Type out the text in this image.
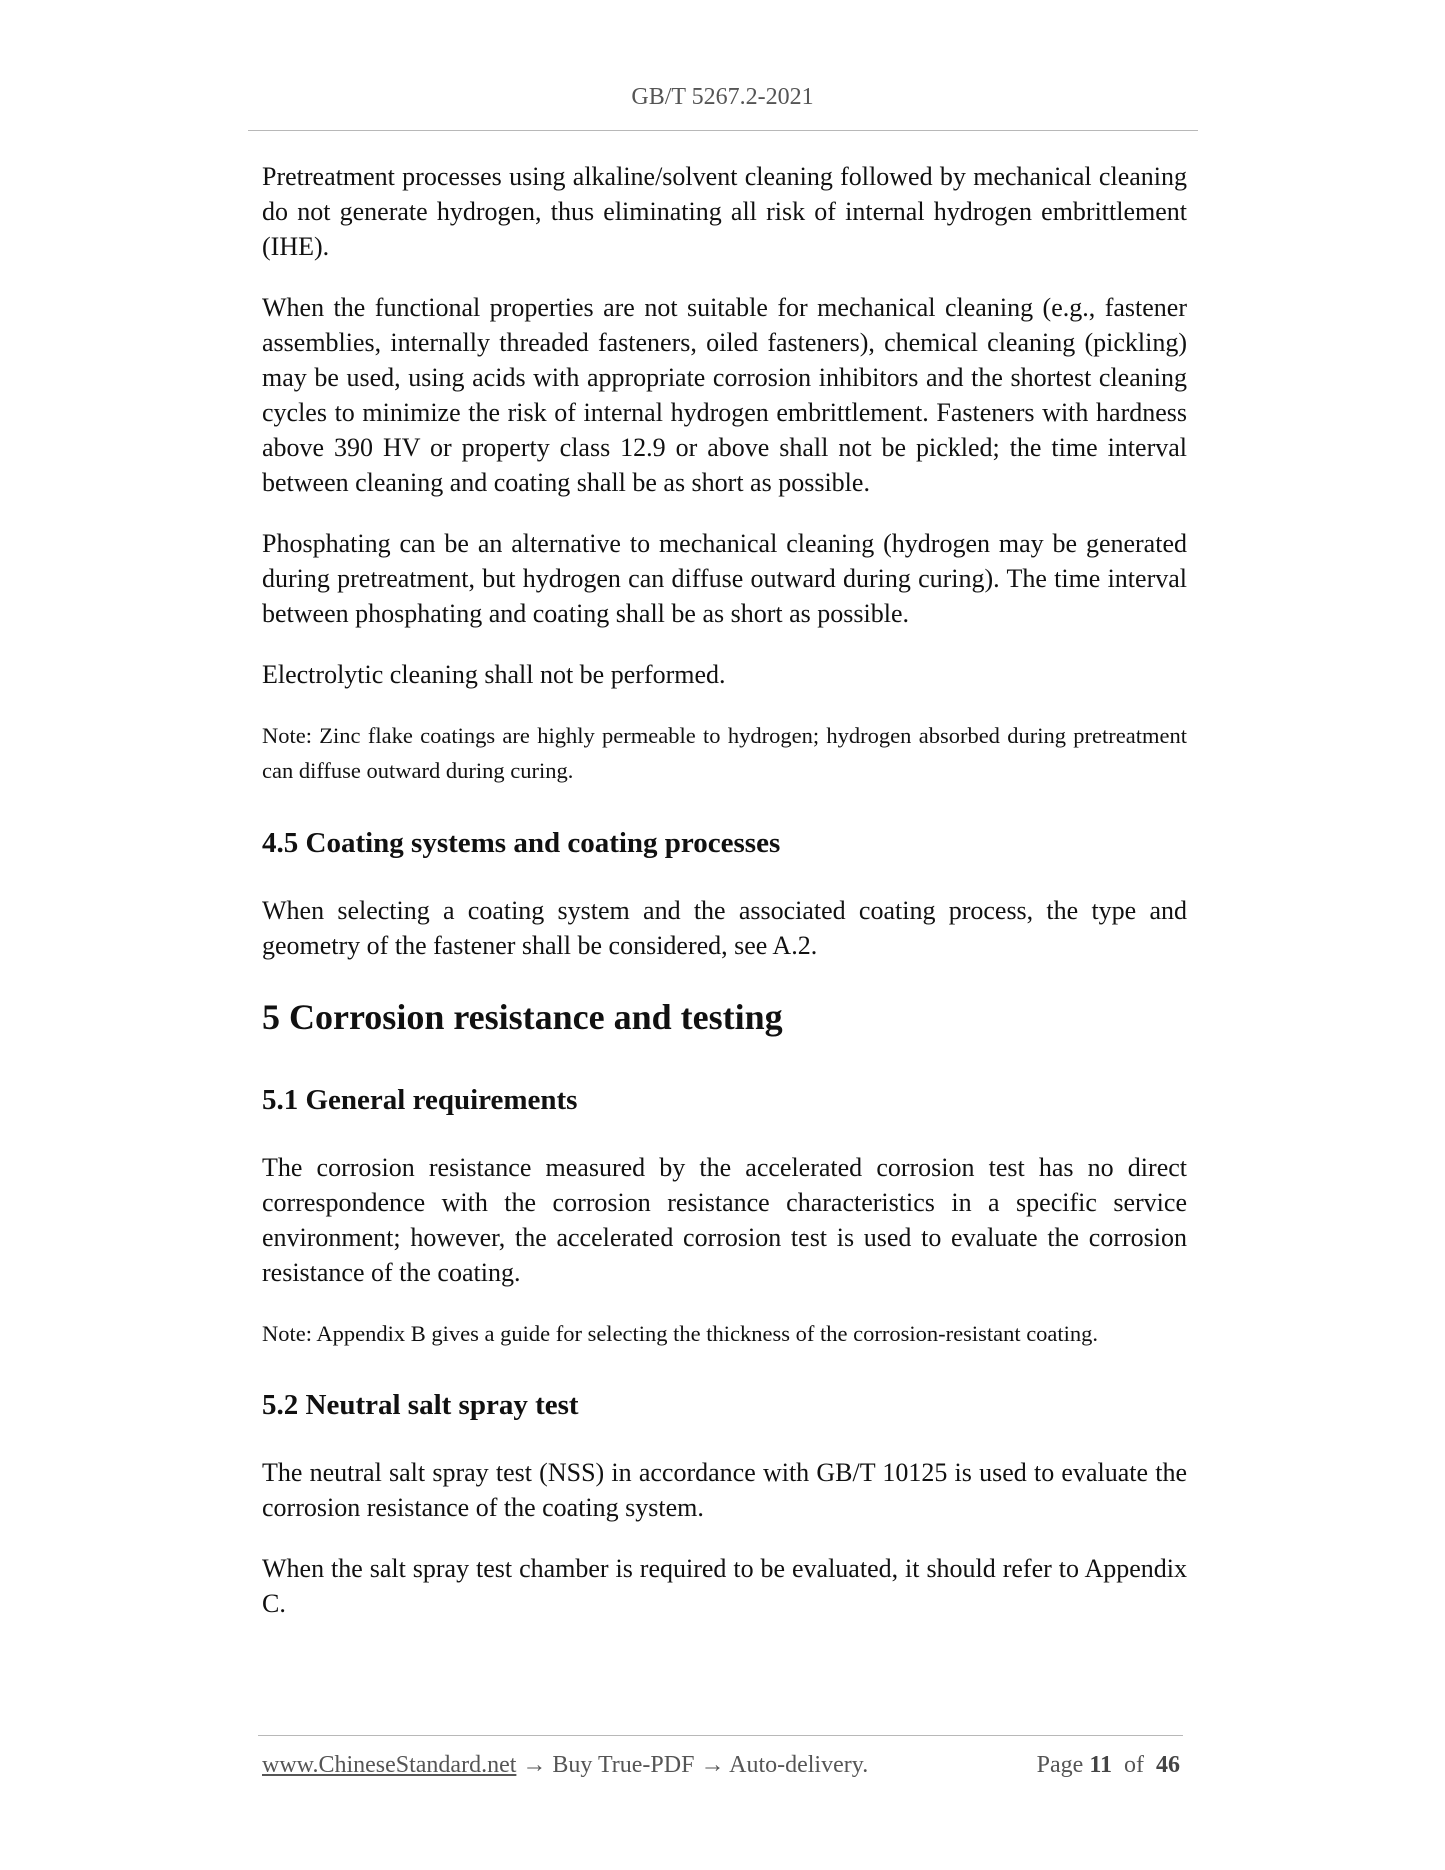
GB/T 5267.2-2021

Pretreatment processes using alkaline/solvent cleaning followed by mechanical cleaning do not generate hydrogen, thus eliminating all risk of internal hydrogen embrittlement (IHE).

When the functional properties are not suitable for mechanical cleaning (e.g., fastener assemblies, internally threaded fasteners, oiled fasteners), chemical cleaning (pickling) may be used, using acids with appropriate corrosion inhibitors and the shortest cleaning cycles to minimize the risk of internal hydrogen embrittlement. Fasteners with hardness above 390 HV or property class 12.9 or above shall not be pickled; the time interval between cleaning and coating shall be as short as possible.

Phosphating can be an alternative to mechanical cleaning (hydrogen may be generated during pretreatment, but hydrogen can diffuse outward during curing). The time interval between phosphating and coating shall be as short as possible.

Electrolytic cleaning shall not be performed.

Note: Zinc flake coatings are highly permeable to hydrogen; hydrogen absorbed during pretreatment can diffuse outward during curing.

4.5 Coating systems and coating processes

When selecting a coating system and the associated coating process, the type and geometry of the fastener shall be considered, see A.2.

5 Corrosion resistance and testing
5.1 General requirements

The corrosion resistance measured by the accelerated corrosion test has no direct correspondence with the corrosion resistance characteristics in a specific service environment; however, the accelerated corrosion test is used to evaluate the corrosion resistance of the coating.

Note: Appendix B gives a guide for selecting the thickness of the corrosion-resistant coating.

5.2 Neutral salt spray test

The neutral salt spray test (NSS) in accordance with GB/T 10125 is used to evaluate the corrosion resistance of the coating system.

When the salt spray test chamber is required to be evaluated, it should refer to Appendix C.

www.ChineseStandard.net → Buy True-PDF → Auto-delivery.	Page 11 of 46
